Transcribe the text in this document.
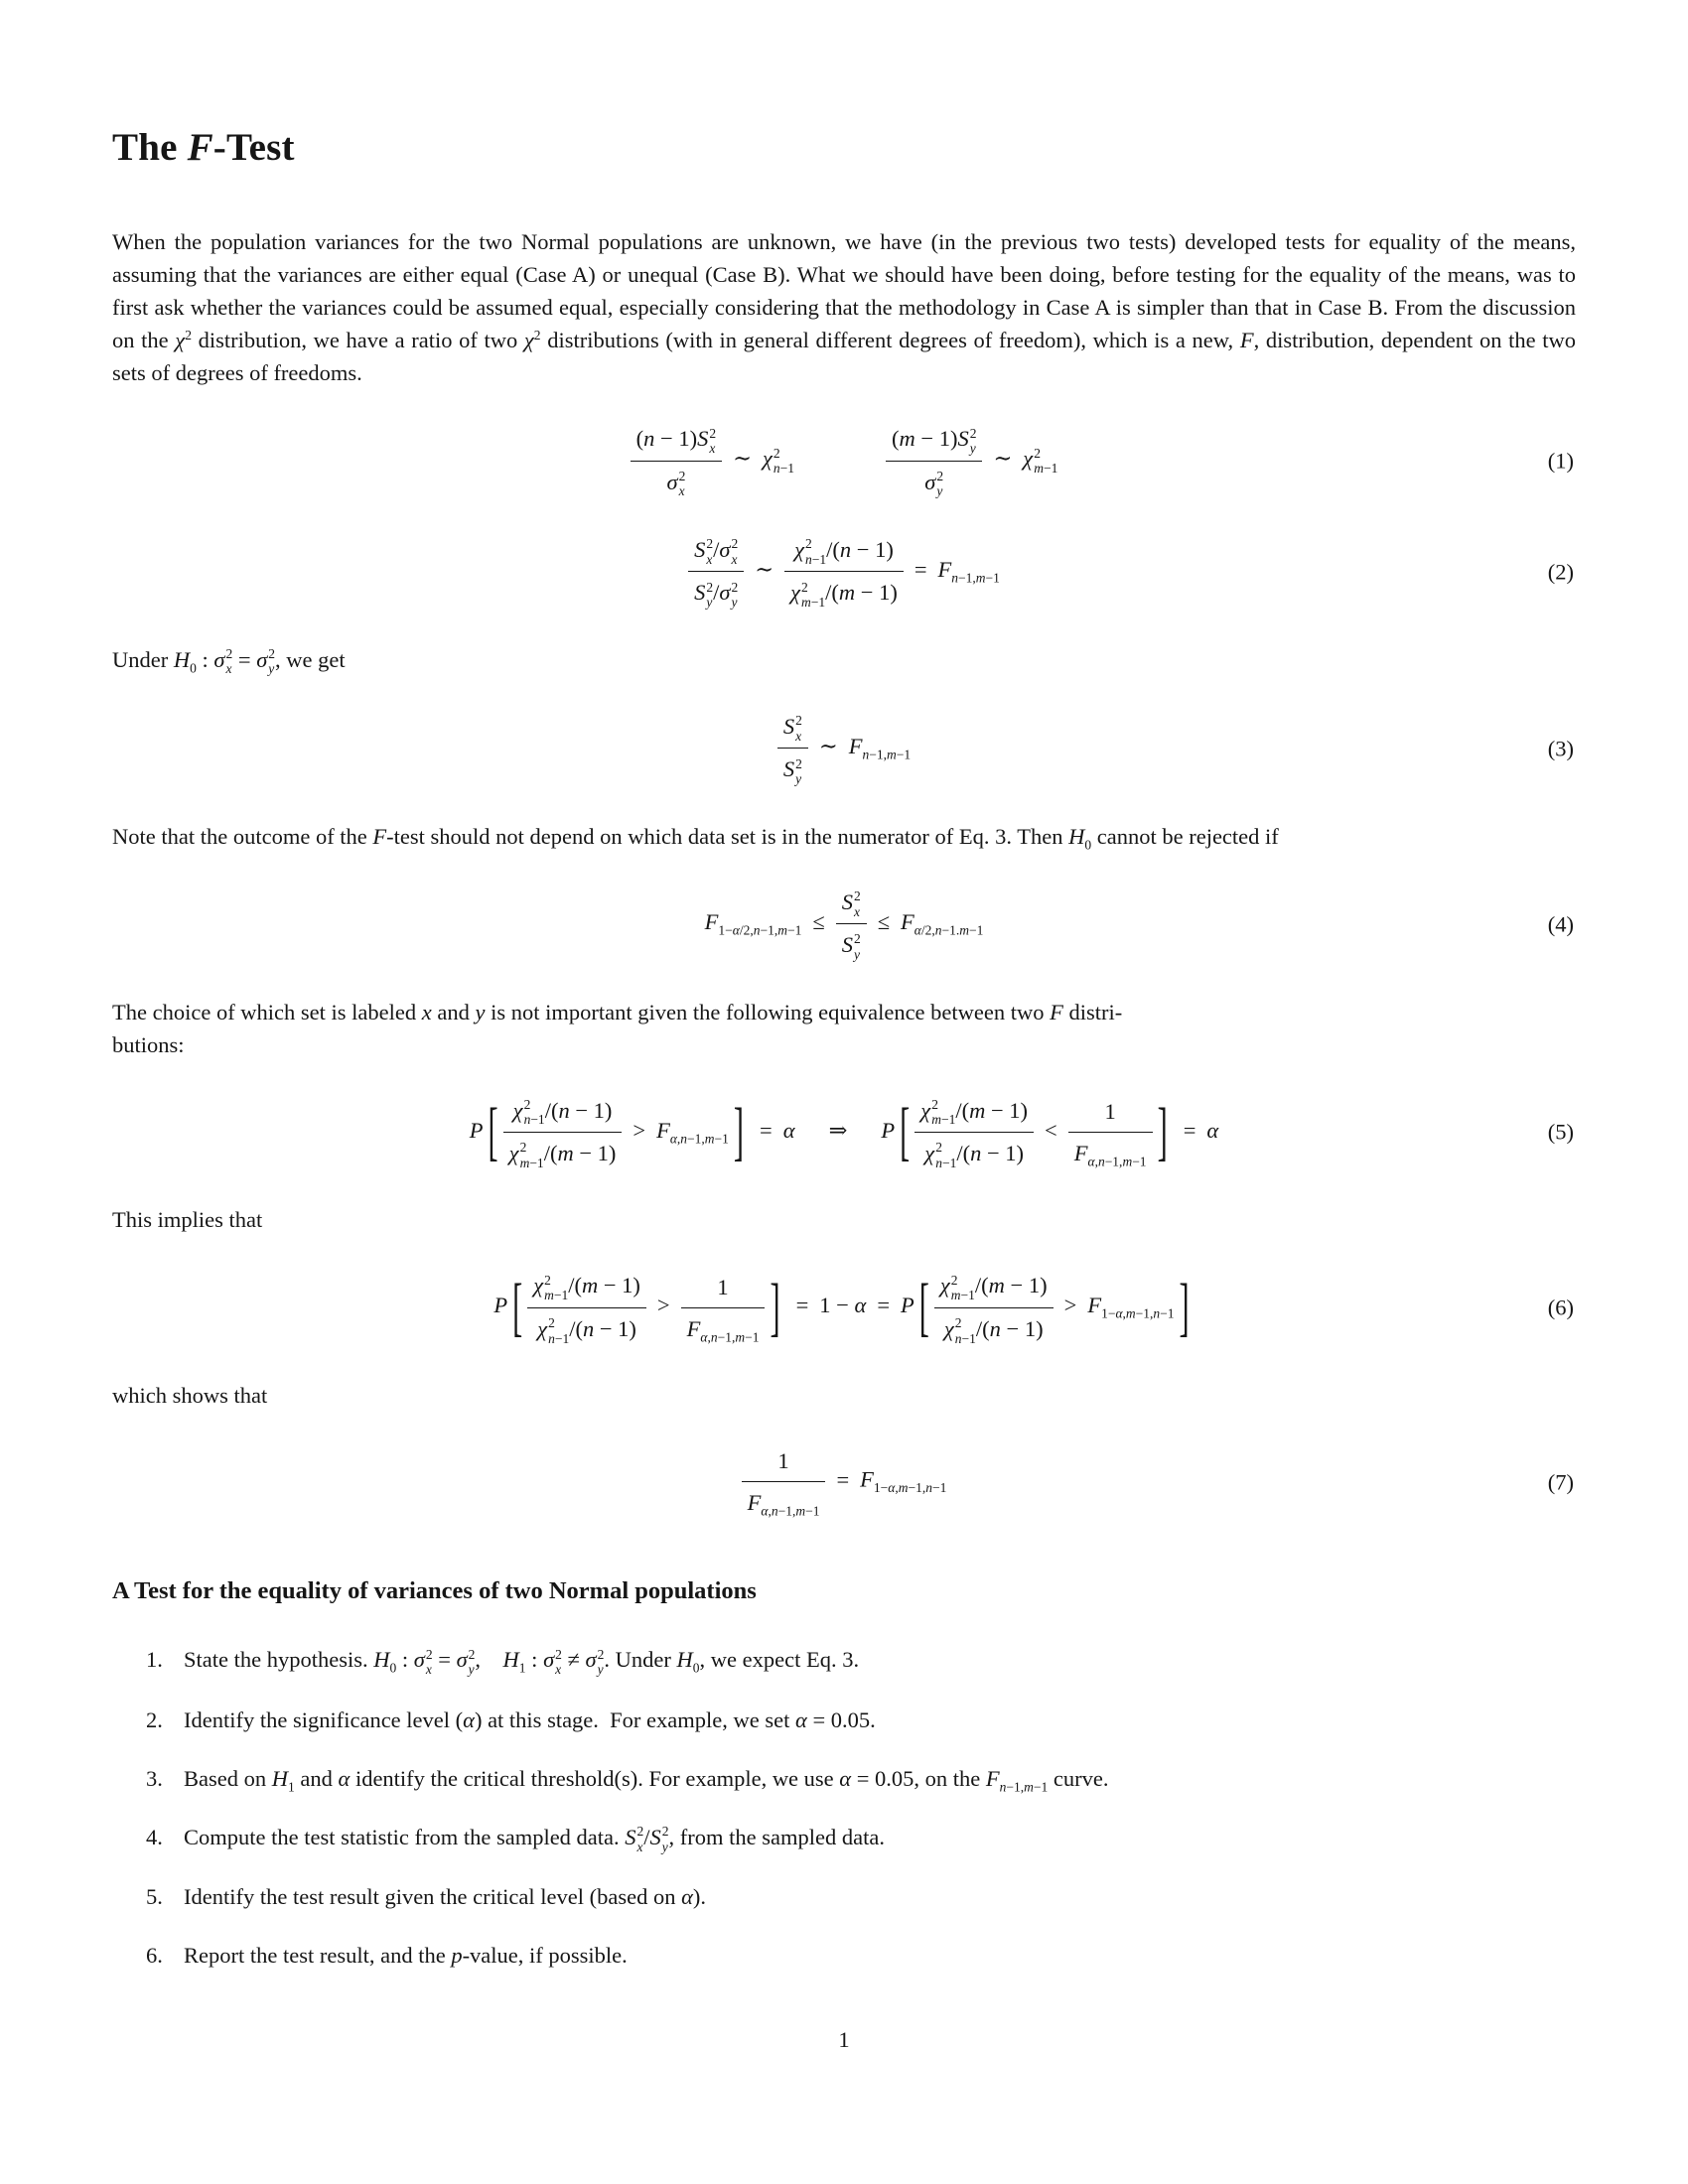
The F-Test

When the population variances for the two Normal populations are unknown, we have (in the previous two tests) developed tests for equality of the means, assuming that the variances are either equal (Case A) or unequal (Case B). What we should have been doing, before testing for the equality of the means, was to first ask whether the variances could be assumed equal, especially considering that the methodology in Case A is simpler than that in Case B. From the discussion on the $\chi^2$ distribution, we have a ratio of two $\chi^2$ distributions (with in general different degrees of freedom), which is a new, F, distribution, dependent on the two sets of degrees of freedoms.

(n − 1)S 2
x
σ 2
x ∼ χ 2
n−1	(m − 1)S 2
y
σ 2
y ∼ χ 2
m−1	(1)
S 2
x /σ 2
x
S 2
y /σ 2
y ∼ χ 2
n−1 /(n − 1)
χ 2
m−1 $/(m - 1) = F_{n-1,m-1}$	(2)

Under $H_0$ : σ 2
x = σ 2
y , we get

S 2
x
S 2
y ∼ $F_{n-1,m-1}$	(3)

Note that the outcome of the F-test should not depend on which data set is in the numerator of Eq. 3. Then $H_0$ cannot be rejected if

$F_{1-\alpha/2,n-1,m-1} \le S$ 2
x
S 2
$y \le F_{\alpha/2,n-1.m-1}$	(4)

The choice of which set is labeled x and y is not important given the following equivalence between two F distri-
butions:

P [ χ 2
n−1 /(n − 1)
χ 2
m−1 $/(m - 1) > F_{\alpha,n-1,m-1}$ ] = α ⇒ P [ χ 2
m−1 /(m − 1)
χ 2
n−1 $/(n - 1) < \frac{1}{F_{\alpha,n-1,m-1}}$ ] = α	(5)

This implies that

P [ χ 2
m−1 /(m − 1)
χ 2
n−1 $/(n - 1) > \frac{1}{F_{\alpha,n-1,m-1}}$ ] = 1 − α = P [ χ 2
m−1 /(m − 1)
χ 2
n−1 $/(n - 1) > F_{1-\alpha,m-1,n-1}$ ]	(6)

which shows that

$\frac{1}{F_{\alpha,n-1,m-1}} = F_{1-\alpha,m-1,n-1}$	(7)
A Test for the equality of variances of two Normal populations
1. State the hypothesis. $H_0$ : σ 2
x = σ 2
y ,  $H_1$ : σ 2
x ≠ σ 2
y . Under $H_0$, we expect Eq. 3.
2. Identify the significance level (α) at this stage. For example, we set α = 0.05.
3. Based on $H_1$ and α identify the critical threshold(s). For example, we use α = 0.05, on the $F_{n-1,m-1}$ curve.
4. Compute the test statistic from the sampled data. S 2
x /S 2
y , from the sampled data.
5. Identify the test result given the critical level (based on α).
6. Report the test result, and the p-value, if possible.
1
